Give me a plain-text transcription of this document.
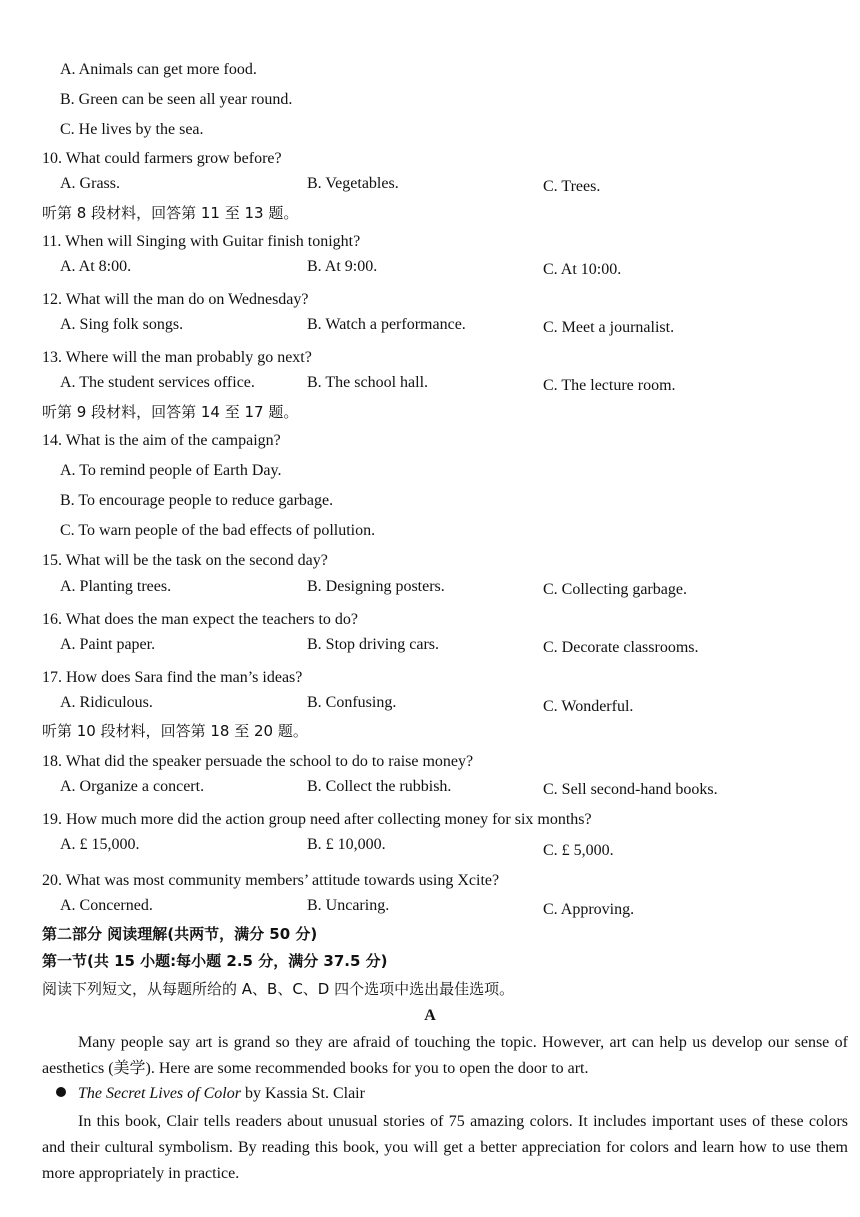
A. Animals can get more food.
B. Green can be seen all year round.
C. He lives by the sea.
10. What could farmers grow before?
A. Grass.	B. Vegetables.	C. Trees.
听第 8 段材料，回答第 11 至 13 题。
11. When will Singing with Guitar finish tonight?
A. At 8:00.	B. At 9:00.	C. At 10:00.
12. What will the man do on Wednesday?
A. Sing folk songs.	B. Watch a performance.	C. Meet a journalist.
13. Where will the man probably go next?
A. The student services office.	B. The school hall.	C. The lecture room.
听第 9 段材料，回答第 14 至 17 题。
14. What is the aim of the campaign?
A. To remind people of Earth Day.
B. To encourage people to reduce garbage.
C. To warn people of the bad effects of pollution.
15. What will be the task on the second day?
A. Planting trees.	B. Designing posters.	C. Collecting garbage.
16. What does the man expect the teachers to do?
A. Paint paper.	B. Stop driving cars.	C. Decorate classrooms.
17. How does Sara find the man’s ideas?
A. Ridiculous.	B. Confusing.	C. Wonderful.
听第 10 段材料，回答第 18 至 20 题。
18. What did the speaker persuade the school to do to raise money?
A. Organize a concert.	B. Collect the rubbish.	C. Sell second-hand books.
19. How much more did the action group need after collecting money for six months?
A. £ 15,000.	B. £ 10,000.	C. £ 5,000.
20. What was most community members’ attitude towards using Xcite?
A. Concerned.	B. Uncaring.	C. Approving.
第二部分 阅读理解(共两节，满分 50 分)
第一节(共 15 小题:每小题 2.5 分，满分 37.5 分)
阅读下列短文，从每题所给的 A、B、C、D 四个选项中选出最佳选项。
A
Many people say art is grand so they are afraid of touching the topic. However, art can help us develop our sense of aesthetics (美学). Here are some recommended books for you to open the door to art.
The Secret Lives of Color by Kassia St. Clair
In this book, Clair tells readers about unusual stories of 75 amazing colors. It includes important uses of these colors and their cultural symbolism. By reading this book, you will get a better appreciation for colors and learn how to use them more appropriately in practice.
